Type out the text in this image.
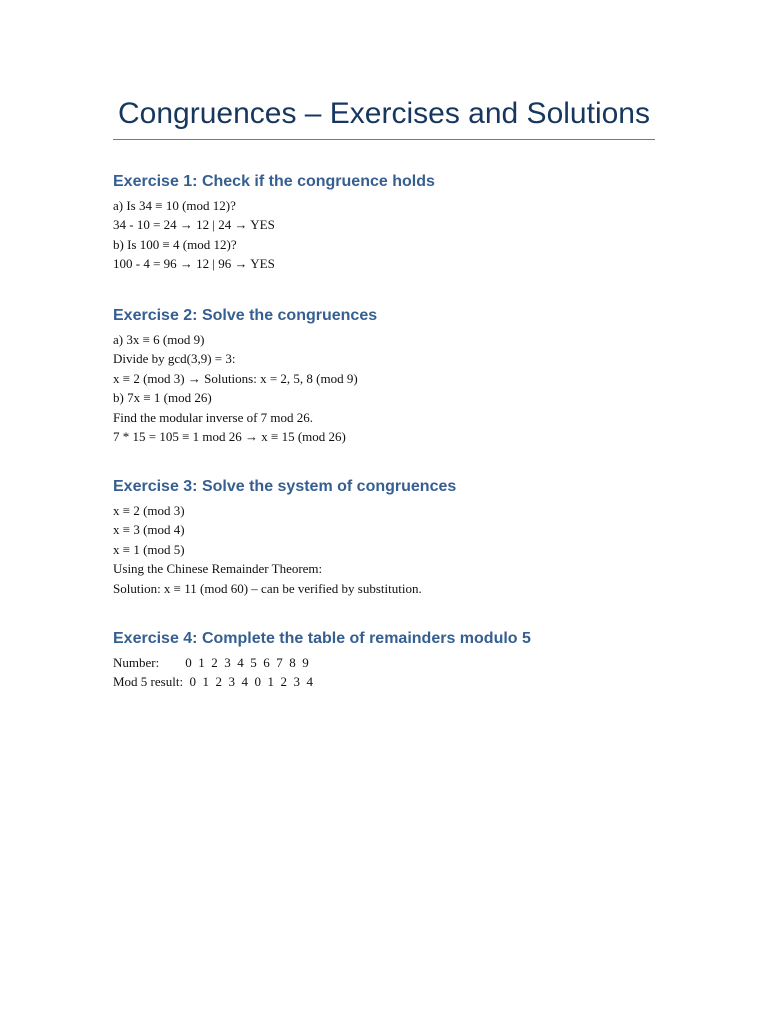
Congruences – Exercises and Solutions
Exercise 1: Check if the congruence holds
a) Is 34 ≡ 10 (mod 12)?
34 - 10 = 24 → 12 | 24 → YES
b) Is 100 ≡ 4 (mod 12)?
100 - 4 = 96 → 12 | 96 → YES
Exercise 2: Solve the congruences
a) 3x ≡ 6 (mod 9)
Divide by gcd(3,9) = 3:
x ≡ 2 (mod 3) → Solutions: x = 2, 5, 8 (mod 9)
b) 7x ≡ 1 (mod 26)
Find the modular inverse of 7 mod 26.
7 * 15 = 105 ≡ 1 mod 26 → x ≡ 15 (mod 26)
Exercise 3: Solve the system of congruences
x ≡ 2 (mod 3)
x ≡ 3 (mod 4)
x ≡ 1 (mod 5)
Using the Chinese Remainder Theorem:
Solution: x ≡ 11 (mod 60) – can be verified by substitution.
Exercise 4: Complete the table of remainders modulo 5
Number:        0  1  2  3  4  5  6  7  8  9
Mod 5 result:  0  1  2  3  4  0  1  2  3  4
